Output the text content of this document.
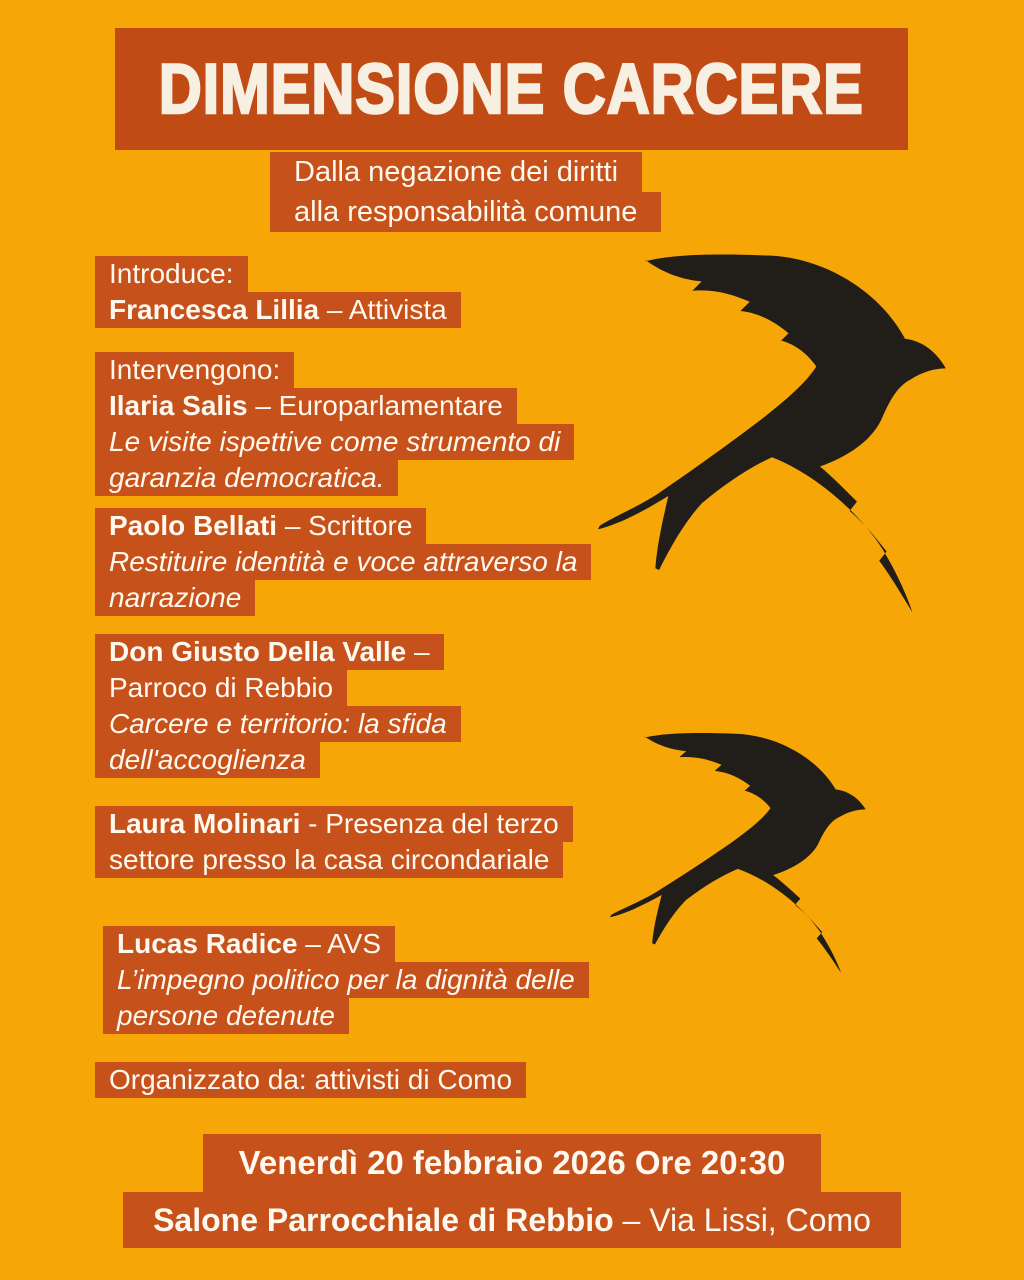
DIMENSIONE CARCERE
Dalla negazione dei diritti
alla responsabilità comune
Introduce:
Francesca Lillia – Attivista
Intervengono:
Ilaria Salis – Europarlamentare
Le visite ispettive come strumento di
garanzia democratica.
Paolo Bellati – Scrittore
Restituire identità e voce attraverso la
narrazione
Don Giusto Della Valle –
Parroco di Rebbio
Carcere e territorio: la sfida
dell'accoglienza
Laura Molinari - Presenza del terzo
settore presso la casa circondariale
Lucas Radice – AVS
L’impegno politico per la dignità delle
persone detenute
Organizzato da: attivisti di Como
Venerdì 20 febbraio 2026 Ore 20:30
Salone Parrocchiale di Rebbio – Via Lissi, Como
